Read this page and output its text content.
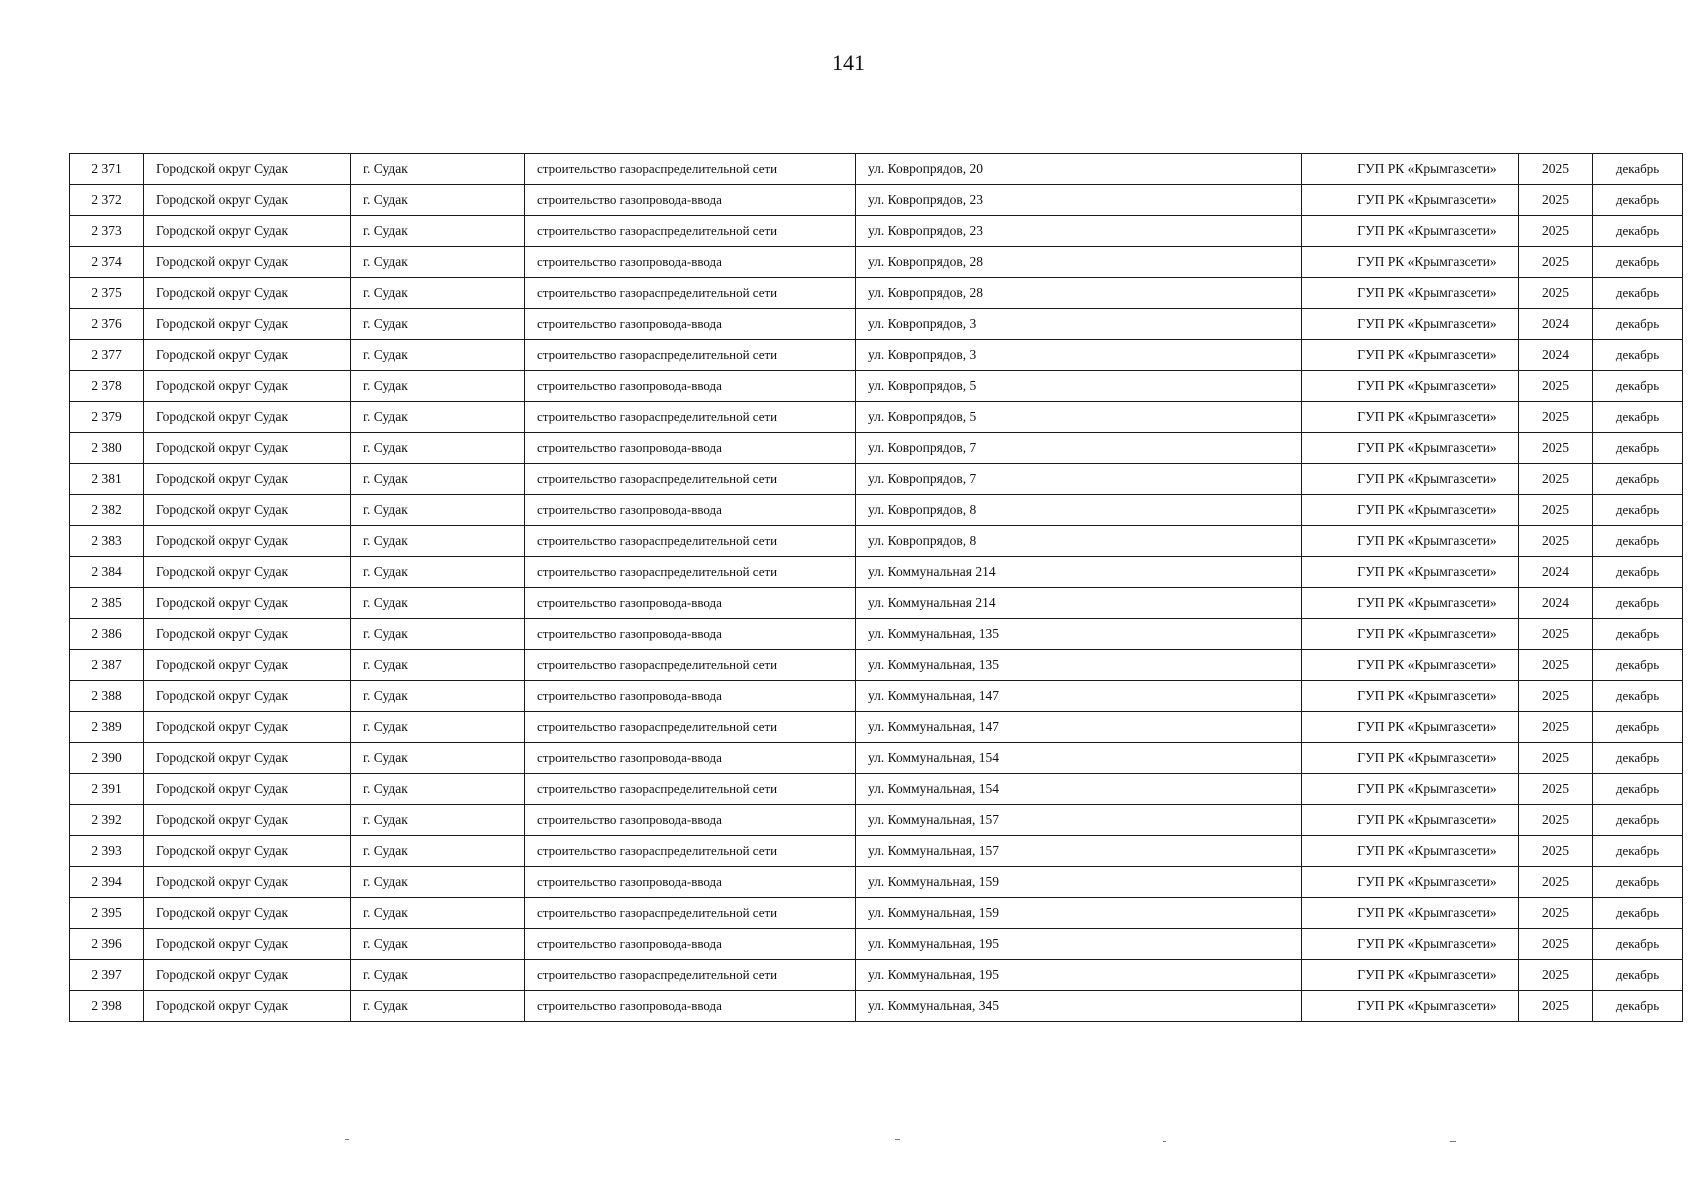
141
2 371	Городской округ Судак	г. Судак	строительство газораспределительной сети	ул. Ковропрядов, 20	ГУП РК «Крымгазсети»	2025	декабрь
2 372	Городской округ Судак	г. Судак	строительство газопровода-ввода	ул. Ковропрядов, 23	ГУП РК «Крымгазсети»	2025	декабрь
2 373	Городской округ Судак	г. Судак	строительство газораспределительной сети	ул. Ковропрядов, 23	ГУП РК «Крымгазсети»	2025	декабрь
2 374	Городской округ Судак	г. Судак	строительство газопровода-ввода	ул. Ковропрядов, 28	ГУП РК «Крымгазсети»	2025	декабрь
2 375	Городской округ Судак	г. Судак	строительство газораспределительной сети	ул. Ковропрядов, 28	ГУП РК «Крымгазсети»	2025	декабрь
2 376	Городской округ Судак	г. Судак	строительство газопровода-ввода	ул. Ковропрядов, 3	ГУП РК «Крымгазсети»	2024	декабрь
2 377	Городской округ Судак	г. Судак	строительство газораспределительной сети	ул. Ковропрядов, 3	ГУП РК «Крымгазсети»	2024	декабрь
2 378	Городской округ Судак	г. Судак	строительство газопровода-ввода	ул. Ковропрядов, 5	ГУП РК «Крымгазсети»	2025	декабрь
2 379	Городской округ Судак	г. Судак	строительство газораспределительной сети	ул. Ковропрядов, 5	ГУП РК «Крымгазсети»	2025	декабрь
2 380	Городской округ Судак	г. Судак	строительство газопровода-ввода	ул. Ковропрядов, 7	ГУП РК «Крымгазсети»	2025	декабрь
2 381	Городской округ Судак	г. Судак	строительство газораспределительной сети	ул. Ковропрядов, 7	ГУП РК «Крымгазсети»	2025	декабрь
2 382	Городской округ Судак	г. Судак	строительство газопровода-ввода	ул. Ковропрядов, 8	ГУП РК «Крымгазсети»	2025	декабрь
2 383	Городской округ Судак	г. Судак	строительство газораспределительной сети	ул. Ковропрядов, 8	ГУП РК «Крымгазсети»	2025	декабрь
2 384	Городской округ Судак	г. Судак	строительство газораспределительной сети	ул. Коммунальная 214	ГУП РК «Крымгазсети»	2024	декабрь
2 385	Городской округ Судак	г. Судак	строительство газопровода-ввода	ул. Коммунальная 214	ГУП РК «Крымгазсети»	2024	декабрь
2 386	Городской округ Судак	г. Судак	строительство газопровода-ввода	ул. Коммунальная, 135	ГУП РК «Крымгазсети»	2025	декабрь
2 387	Городской округ Судак	г. Судак	строительство газораспределительной сети	ул. Коммунальная, 135	ГУП РК «Крымгазсети»	2025	декабрь
2 388	Городской округ Судак	г. Судак	строительство газопровода-ввода	ул. Коммунальная, 147	ГУП РК «Крымгазсети»	2025	декабрь
2 389	Городской округ Судак	г. Судак	строительство газораспределительной сети	ул. Коммунальная, 147	ГУП РК «Крымгазсети»	2025	декабрь
2 390	Городской округ Судак	г. Судак	строительство газопровода-ввода	ул. Коммунальная, 154	ГУП РК «Крымгазсети»	2025	декабрь
2 391	Городской округ Судак	г. Судак	строительство газораспределительной сети	ул. Коммунальная, 154	ГУП РК «Крымгазсети»	2025	декабрь
2 392	Городской округ Судак	г. Судак	строительство газопровода-ввода	ул. Коммунальная, 157	ГУП РК «Крымгазсети»	2025	декабрь
2 393	Городской округ Судак	г. Судак	строительство газораспределительной сети	ул. Коммунальная, 157	ГУП РК «Крымгазсети»	2025	декабрь
2 394	Городской округ Судак	г. Судак	строительство газопровода-ввода	ул. Коммунальная, 159	ГУП РК «Крымгазсети»	2025	декабрь
2 395	Городской округ Судак	г. Судак	строительство газораспределительной сети	ул. Коммунальная, 159	ГУП РК «Крымгазсети»	2025	декабрь
2 396	Городской округ Судак	г. Судак	строительство газопровода-ввода	ул. Коммунальная, 195	ГУП РК «Крымгазсети»	2025	декабрь
2 397	Городской округ Судак	г. Судак	строительство газораспределительной сети	ул. Коммунальная, 195	ГУП РК «Крымгазсети»	2025	декабрь
2 398	Городской округ Судак	г. Судак	строительство газопровода-ввода	ул. Коммунальная, 345	ГУП РК «Крымгазсети»	2025	декабрь
